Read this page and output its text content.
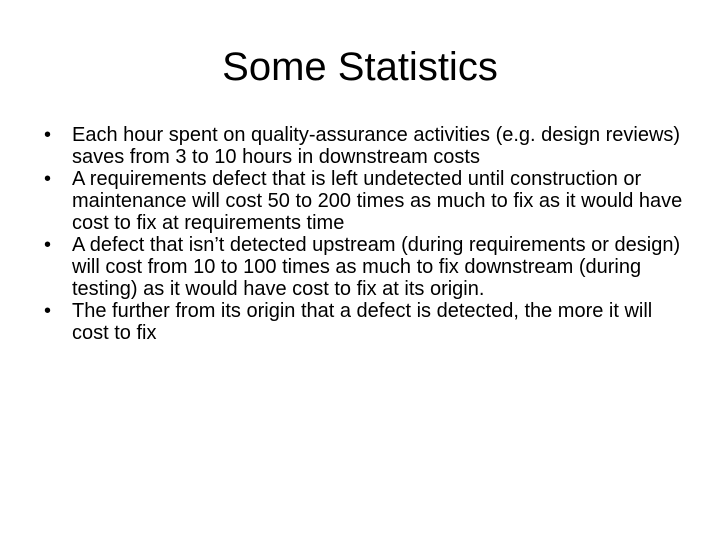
Some Statistics
•	Each hour spent on quality-assurance activities (e.g. design reviews) saves from 3 to 10 hours in downstream costs
•	A requirements defect that is left undetected until construction or maintenance will cost 50 to 200 times as much to fix as it would have cost to fix at requirements time
•	A defect that isn’t detected upstream (during requirements or design) will cost from 10 to 100 times as much to fix downstream (during testing) as it would have cost to fix at its origin.
•	The further from its origin that a defect is detected, the more it will cost to fix
